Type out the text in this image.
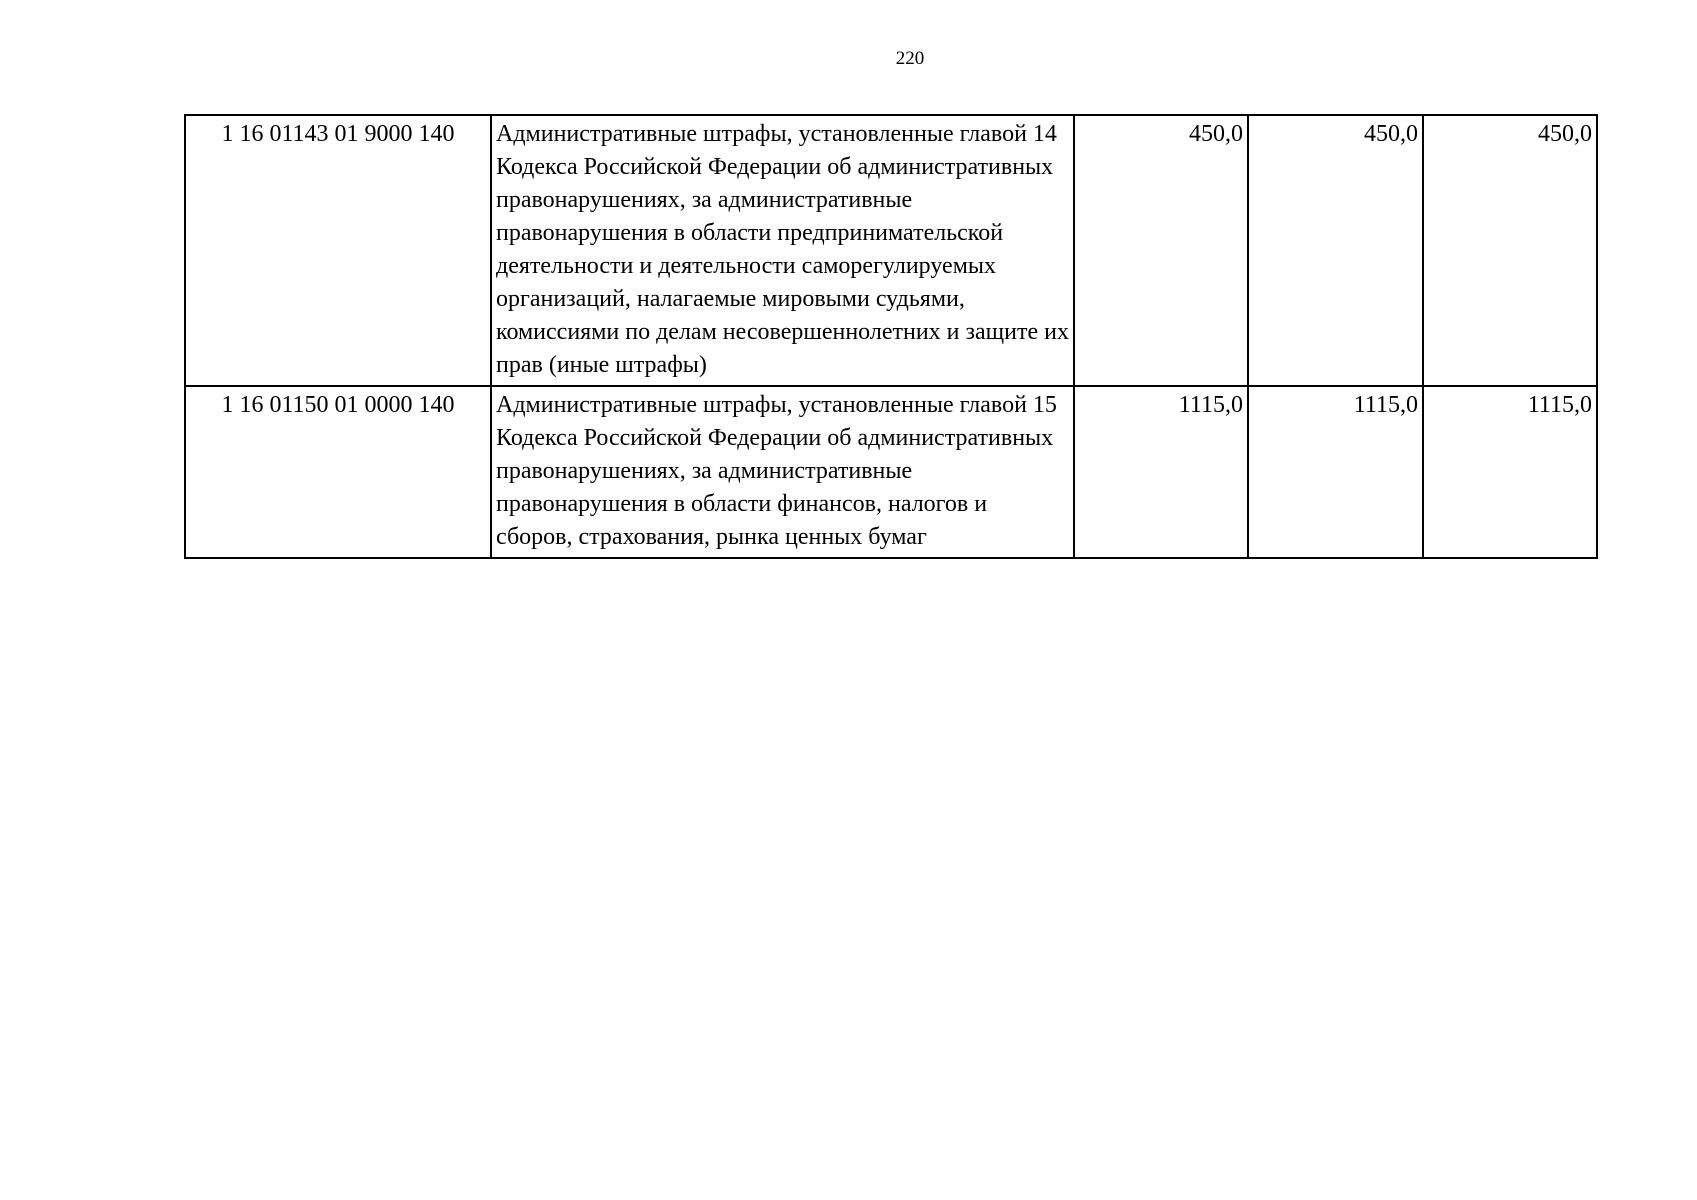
220
1 16 01143 01 9000 140	Административные штрафы, установленные главой 14 Кодекса Российской Федерации об административных правонарушениях, за административные правонарушения в области предпринимательской деятельности и деятельности саморегулируемых организаций, налагаемые мировыми судьями, комиссиями по делам несовершеннолетних и защите их прав (иные штрафы)	450,0	450,0	450,0
1 16 01150 01 0000 140	Административные штрафы, установленные главой 15 Кодекса Российской Федерации об административных правонарушениях, за административные правонарушения в области финансов, налогов и сборов, страхования, рынка ценных бумаг	1115,0	1115,0	1115,0
